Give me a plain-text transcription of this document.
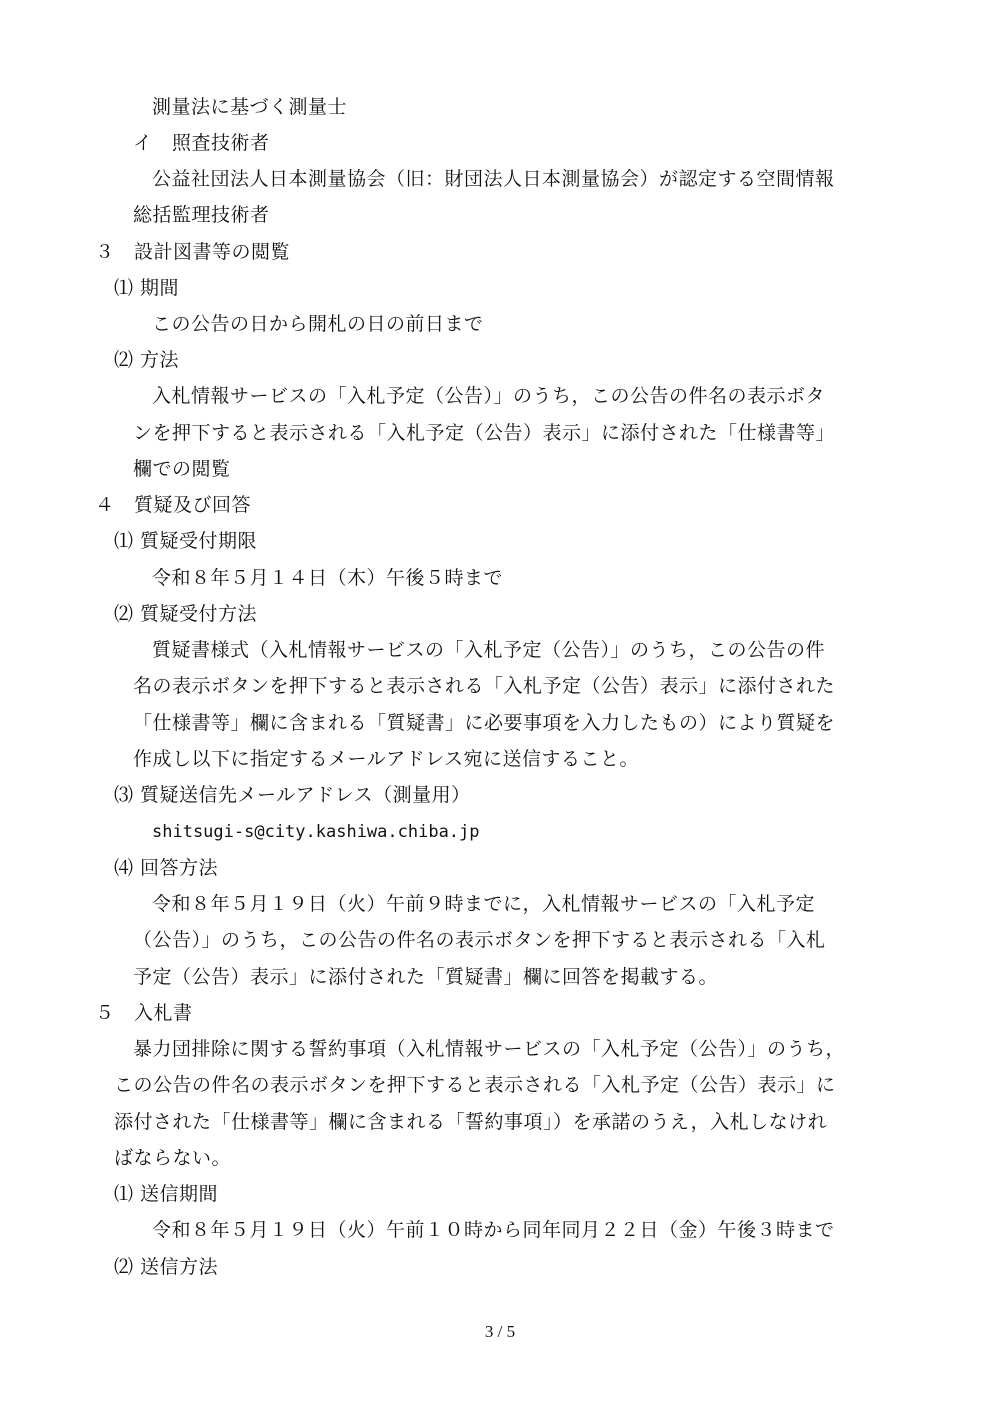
測量法に基づく測量士
イ　照査技術者
公益社団法人日本測量協会（旧：財団法人日本測量協会）が認定する空間情報
総括監理技術者
３　設計図書等の閲覧
⑴ 期間
この公告の日から開札の日の前日まで
⑵ 方法
入札情報サービスの「入札予定（公告）」のうち，この公告の件名の表示ボタ
ンを押下すると表示される「入札予定（公告）表示」に添付された「仕様書等」
欄での閲覧
４　質疑及び回答
⑴ 質疑受付期限
令和８年５月１４日（木）午後５時まで
⑵ 質疑受付方法
質疑書様式（入札情報サービスの「入札予定（公告）」のうち，この公告の件
名の表示ボタンを押下すると表示される「入札予定（公告）表示」に添付された
「仕様書等」欄に含まれる「質疑書」に必要事項を入力したもの）により質疑を
作成し以下に指定するメールアドレス宛に送信すること。
⑶ 質疑送信先メールアドレス（測量用）
shitsugi-s@city.kashiwa.chiba.jp
⑷ 回答方法
令和８年５月１９日（火）午前９時までに，入札情報サービスの「入札予定
（公告）」のうち，この公告の件名の表示ボタンを押下すると表示される「入札
予定（公告）表示」に添付された「質疑書」欄に回答を掲載する。
５　入札書
暴力団排除に関する誓約事項（入札情報サービスの「入札予定（公告）」のうち，
この公告の件名の表示ボタンを押下すると表示される「入札予定（公告）表示」に
添付された「仕様書等」欄に含まれる「誓約事項」）を承諾のうえ，入札しなけれ
ばならない。
⑴ 送信期間
令和８年５月１９日（火）午前１０時から同年同月２２日（金）午後３時まで
⑵ 送信方法
3 / 5
